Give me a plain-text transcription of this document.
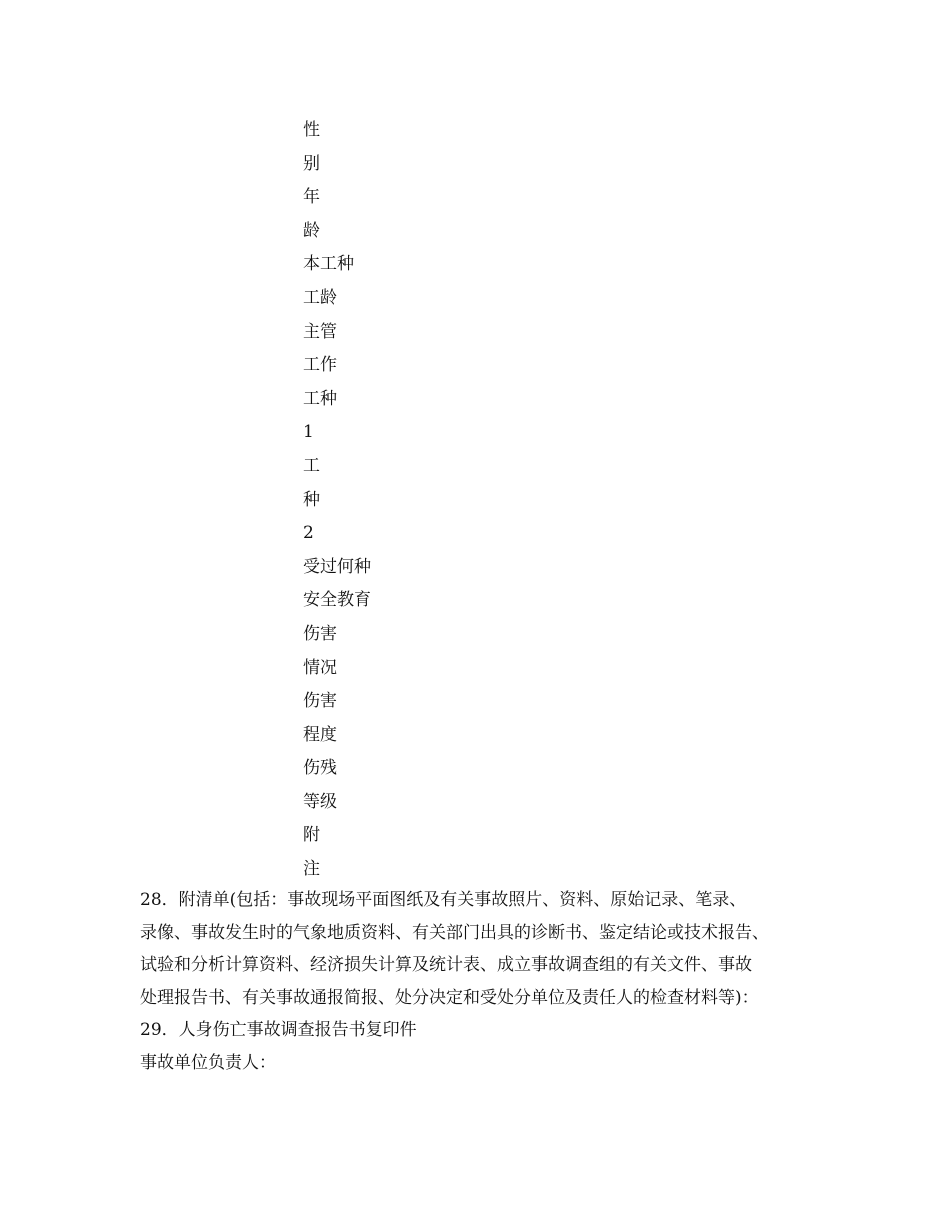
性
别
年
龄
本工种
工龄
主管
工作
工种
1
工
种
2
受过何种
安全教育
伤害
情况
伤害
程度
伤残
等级
附
注
28．附清单(包括：事故现场平面图纸及有关事故照片、资料、原始记录、笔录、
录像、事故发生时的气象地质资料、有关部门出具的诊断书、鉴定结论或技术报告、
试验和分析计算资料、经济损失计算及统计表、成立事故调查组的有关文件、事故
处理报告书、有关事故通报简报、处分决定和受处分单位及责任人的检查材料等)：
29．人身伤亡事故调查报告书复印件
事故单位负责人：
